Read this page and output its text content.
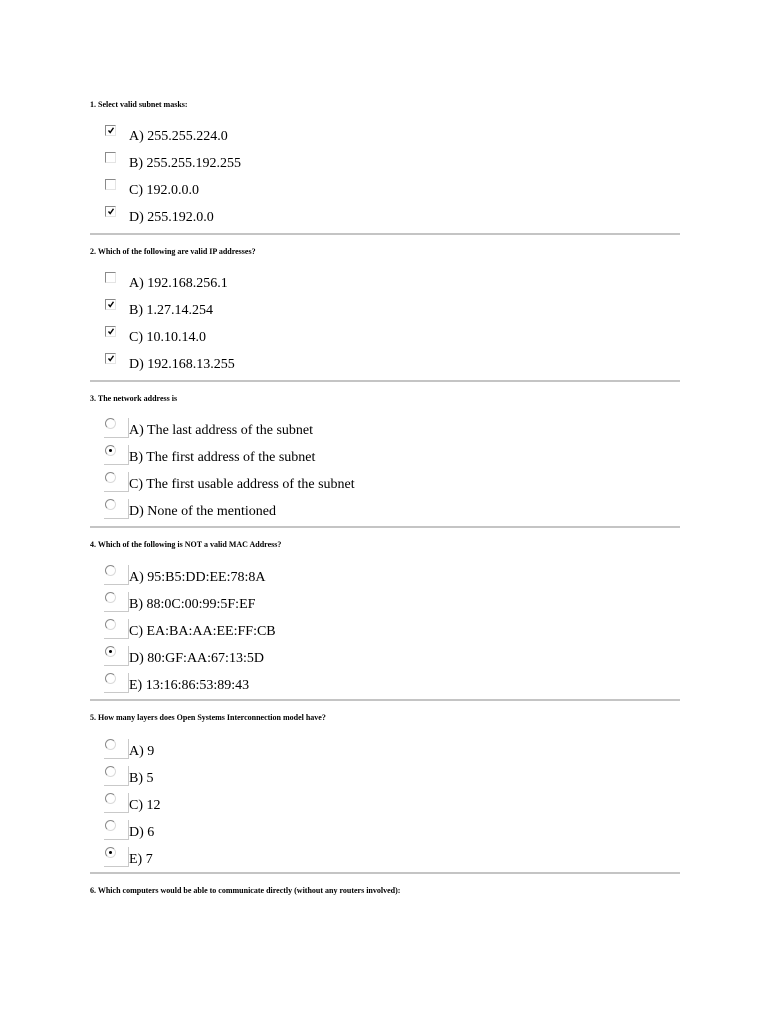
1. Select valid subnet masks:
A) 255.255.224.0
B) 255.255.192.255
C) 192.0.0.0
D) 255.192.0.0
2. Which of the following are valid IP addresses?
A) 192.168.256.1
B) 1.27.14.254
C) 10.10.14.0
D) 192.168.13.255
3. The network address is
A) The last address of the subnet
B) The first address of the subnet
C) The first usable address of the subnet
D) None of the mentioned
4. Which of the following is NOT a valid MAC Address?
A) 95:B5:DD:EE:78:8A
B) 88:0C:00:99:5F:EF
C) EA:BA:AA:EE:FF:CB
D) 80:GF:AA:67:13:5D
E) 13:16:86:53:89:43
5. How many layers does Open Systems Interconnection model have?
A) 9
B) 5
C) 12
D) 6
E) 7
6. Which computers would be able to communicate directly (without any routers involved):
